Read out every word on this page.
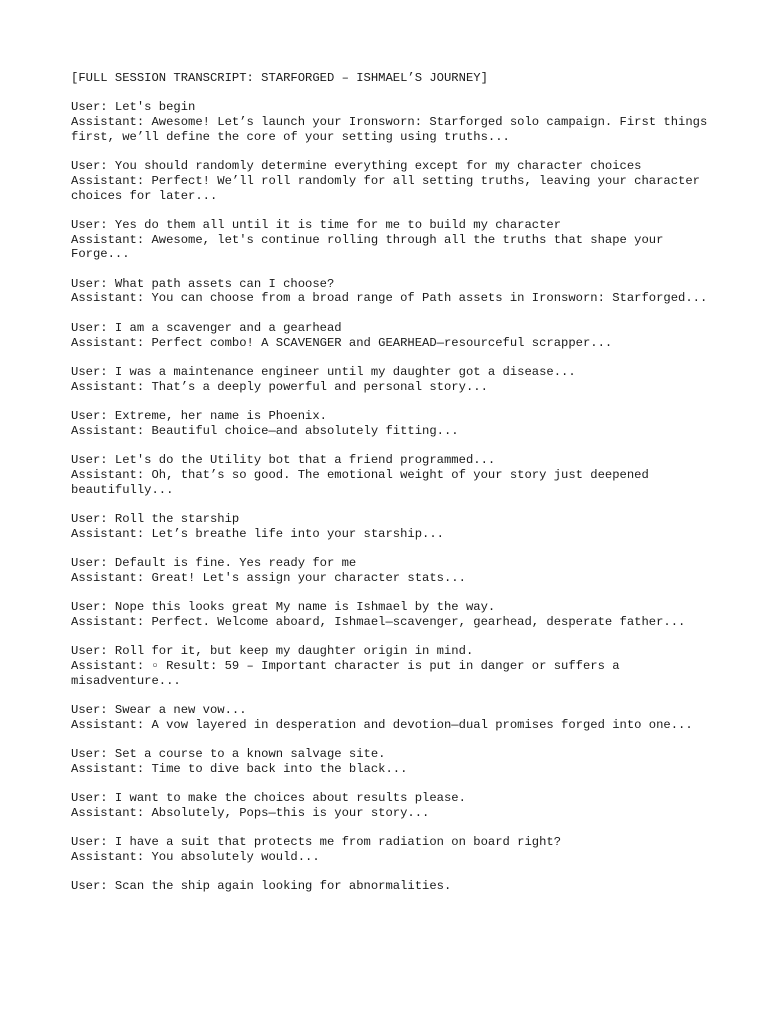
[FULL SESSION TRANSCRIPT: STARFORGED – ISHMAEL’S JOURNEY]
User: Let's begin
Assistant: Awesome! Let’s launch your Ironsworn: Starforged solo campaign. First things first, we’ll define the core of your setting using truths...
User: You should randomly determine everything except for my character choices
Assistant: Perfect! We’ll roll randomly for all setting truths, leaving your character choices for later...
User: Yes do them all until it is time for me to build my character
Assistant: Awesome, let's continue rolling through all the truths that shape your Forge...
User: What path assets can I choose?
Assistant: You can choose from a broad range of Path assets in Ironsworn: Starforged...
User: I am a scavenger and a gearhead
Assistant: Perfect combo! A SCAVENGER and GEARHEAD—resourceful scrapper...
User: I was a maintenance engineer until my daughter got a disease...
Assistant: That’s a deeply powerful and personal story...
User: Extreme, her name is Phoenix.
Assistant: Beautiful choice—and absolutely fitting...
User: Let's do the Utility bot that a friend programmed...
Assistant: Oh, that’s so good. The emotional weight of your story just deepened beautifully...
User: Roll the starship
Assistant: Let’s breathe life into your starship...
User: Default is fine. Yes ready for me
Assistant: Great! Let's assign your character stats...
User: Nope this looks great My name is Ishmael by the way.
Assistant: Perfect. Welcome aboard, Ishmael—scavenger, gearhead, desperate father...
User: Roll for it, but keep my daughter origin in mind.
Assistant: ▫ Result: 59 – Important character is put in danger or suffers a misadventure...
User: Swear a new vow...
Assistant: A vow layered in desperation and devotion—dual promises forged into one...
User: Set a course to a known salvage site.
Assistant: Time to dive back into the black...
User: I want to make the choices about results please.
Assistant: Absolutely, Pops—this is your story...
User: I have a suit that protects me from radiation on board right?
Assistant: You absolutely would...
User: Scan the ship again looking for abnormalities.
